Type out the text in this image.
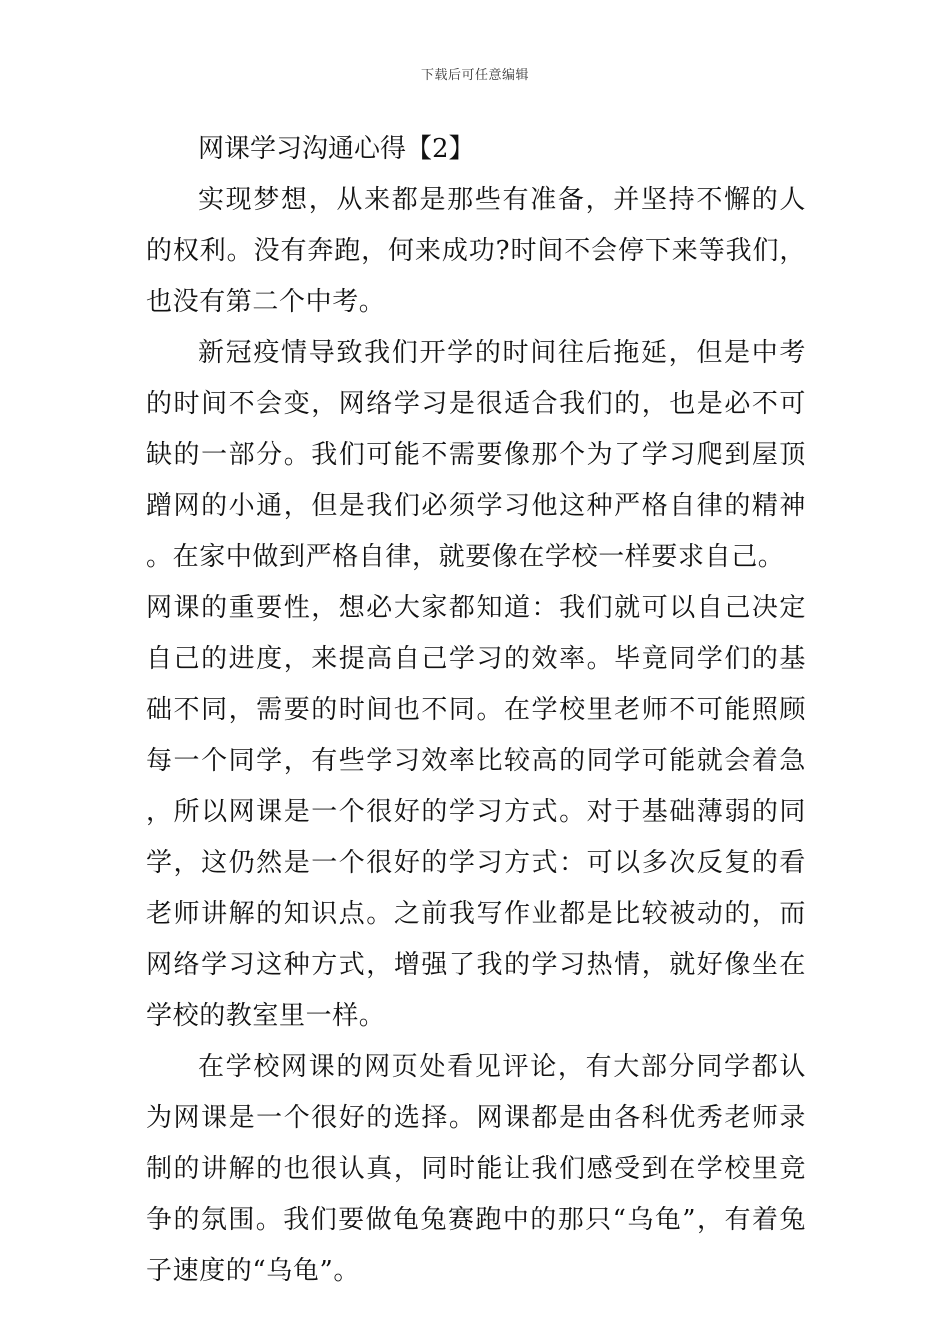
下载后可任意编辑
网课学习沟通心得【2】

实现梦想，从来都是那些有准备，并坚持不懈的人的权利。没有奔跑，何来成功?时间不会停下来等我们，也没有第二个中考。

新冠疫情导致我们开学的时间往后拖延，但是中考的时间不会变，网络学习是很适合我们的，也是必不可缺的一部分。我们可能不需要像那个为了学习爬到屋顶蹭网的小通，但是我们必须学习他这种严格自律的精神。在家中做到严格自律，就要像在学校一样要求自己。

网课的重要性，想必大家都知道：我们就可以自己决定自己的进度，来提高自己学习的效率。毕竟同学们的基础不同，需要的时间也不同。在学校里老师不可能照顾每一个同学，有些学习效率比较高的同学可能就会着急，所以网课是一个很好的学习方式。对于基础薄弱的同学，这仍然是一个很好的学习方式：可以多次反复的看老师讲解的知识点。之前我写作业都是比较被动的，而网络学习这种方式，增强了我的学习热情，就好像坐在学校的教室里一样。

在学校网课的网页处看见评论，有大部分同学都认为网课是一个很好的选择。网课都是由各科优秀老师录制的讲解的也很认真，同时能让我们感受到在学校里竞争的氛围。我们要做龟兔赛跑中的那只“乌龟”，有着兔子速度的“乌龟”。
